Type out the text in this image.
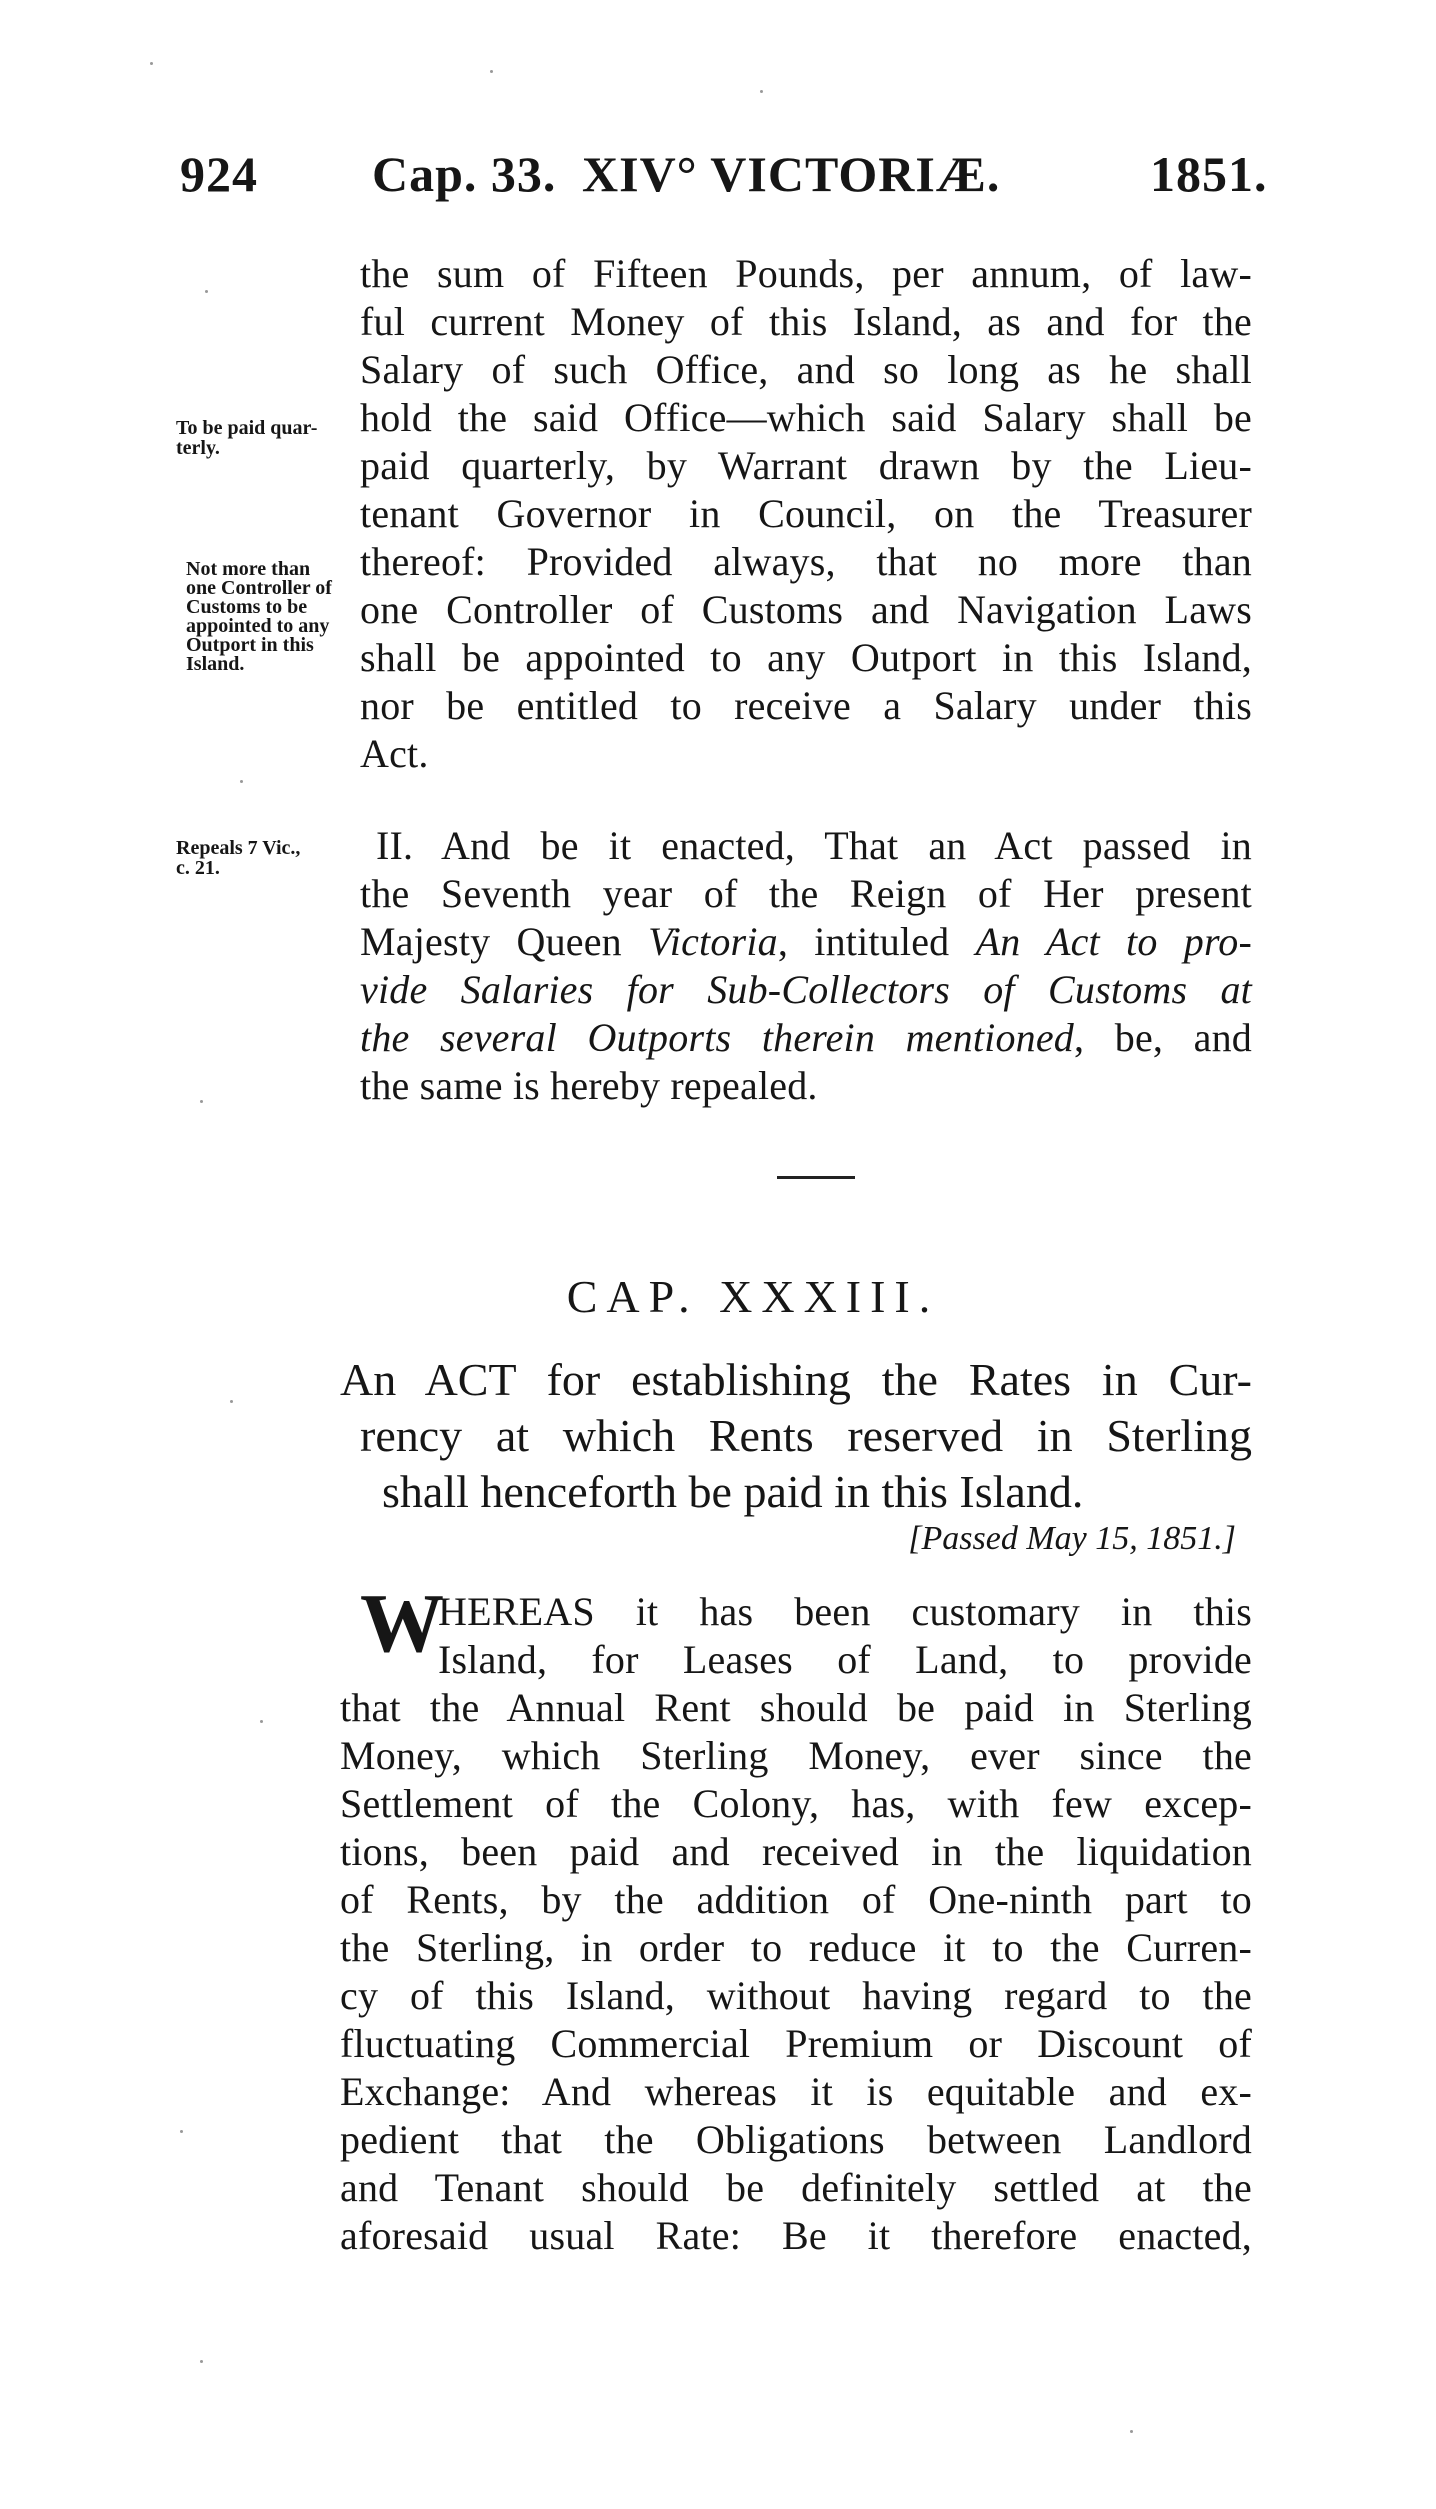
924 Cap. 33. XIV° VICTORIÆ.	1851.
To be paid quar-
terly.
Not more than
one Controller of
Customs to be
appointed to any
Outport in this
Island.
Repeals 7 Vic.,
c. 21.
the sum of Fifteen Pounds, per annum, of law-
ful current Money of this Island, as and for the
Salary of such Office, and so long as he shall
hold the said Office—which said Salary shall be
paid quarterly, by Warrant drawn by the Lieu-
tenant Governor in Council, on the Treasurer
thereof: Provided always, that no more than
one Controller of Customs and Navigation Laws
shall be appointed to any Outport in this Island,
nor be entitled to receive a Salary under this
Act.
II. And be it enacted, That an Act passed in
the Seventh year of the Reign of Her present
Majesty Queen Victoria, intituled An Act to pro-
vide Salaries for Sub-Collectors of Customs at
the several Outports therein mentioned, be, and
the same is hereby repealed.
CAP. XXXIII.
An ACT for establishing the Rates in Cur-
rency at which Rents reserved in Sterling
shall henceforth be paid in this Island.
[Passed May 15, 1851.]
W
HEREAS it has been customary in this
Island, for Leases of Land, to provide
that the Annual Rent should be paid in Sterling
Money, which Sterling Money, ever since the
Settlement of the Colony, has, with few excep-
tions, been paid and received in the liquidation
of Rents, by the addition of One-ninth part to
the Sterling, in order to reduce it to the Curren-
cy of this Island, without having regard to the
fluctuating Commercial Premium or Discount of
Exchange: And whereas it is equitable and ex-
pedient that the Obligations between Landlord
and Tenant should be definitely settled at the
aforesaid usual Rate: Be it therefore enacted,
